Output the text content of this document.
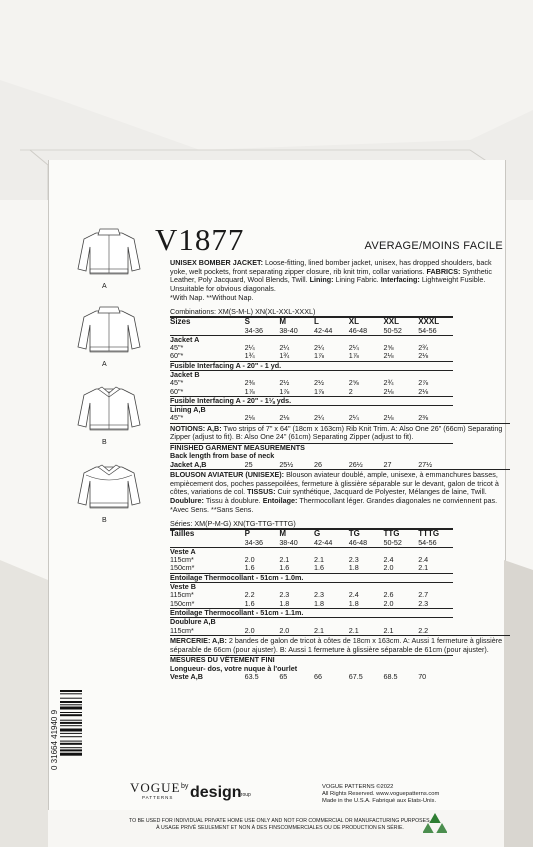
V1877	AVERAGE/MOINS FACILE
A
A
B
B

UNISEX BOMBER JACKET: Loose-fitting, lined bomber jacket, unisex, has dropped shoulders, back yoke, welt pockets, front separating zipper closure, rib knit trim, collar variations. FABRICS: Synthetic Leather, Poly Jacquard, Wool Blends, Twill. Lining: Lining Fabric. Interfacing: Lightweight Fusible. Unsuitable for obvious diagonals.
*With Nap. **Without Nap.

Combinations: XM(S-M-L) XN(XL-XXL-XXXL)
Sizes	S	M	L	XL	XXL	XXXL
	34-36	38-40	42-44	46-48	50-52	54-56
Jacket A						
45"*	2¼	2¼	2¼	2¼	2⅝	2¾
60"*	1¾	1¾	1⅞	1⅞	2⅛	2⅛
Fusible Interfacing A - 20" - 1 yd.						
Jacket B						
45"*	2⅜	2½	2½	2⅝	2¾	2⅞
60"*	1⅞	1⅞	1⅞	2	2⅛	2⅛
Fusible Interfacing A - 20" - 1⅛ yds.						
Lining A,B						
45"*	2⅛	2⅛	2¼	2¼	2⅛	2⅜

NOTIONS: A,B: Two strips of 7" x 64" (18cm x 163cm) Rib Knit Trim. A: Also One 26" (66cm) Separating Zipper (adjust to fit). B: Also One 24" (61cm) Separating Zipper (adjust to fit).

FINISHED GARMENT MEASUREMENTS
Back length from base of neck
Jacket A,B	25	25½	26	26½	27	27½

BLOUSON AVIATEUR (UNISEXE): Blouson aviateur doublé, ample, unisexe, à emmanchures basses, empiècement dos, poches passepoilées, fermeture à glissière séparable sur le devant, galon de tricot à côtes, variations de col. TISSUS: Cuir synthétique, Jacquard de Polyester, Mélanges de laine, Twill. Doublure: Tissu à doublure. Entoilage: Thermocollant léger. Grandes diagonales ne conviennent pas.
*Avec Sens. **Sans Sens.

Séries: XM(P-M-G) XN(TG-TTG-TTTG)
Tailles	P	M	G	TG	TTG	TTTG
	34-36	38-40	42-44	46-48	50-52	54-56
Veste A						
115cm*	2.0	2.1	2.1	2.3	2.4	2.4
150cm*	1.6	1.6	1.6	1.8	2.0	2.1
Entoilage Thermocollant - 51cm - 1.0m.						
Veste B						
115cm*	2.2	2.3	2.3	2.4	2.6	2.7
150cm*	1.6	1.8	1.8	1.8	2.0	2.3
Entoilage Thermocollant - 51cm - 1.1m.						
Doublure A,B						
115cm*	2.0	2.0	2.1	2.1	2.1	2.2

MERCERIE: A,B: 2 bandes de galon de tricot à côtes de 18cm x 163cm. A: Aussi 1 fermeture à glissière séparable de 66cm (pour ajuster). B: Aussi 1 fermeture à glissière séparable de 61cm (pour ajuster).

MESURES DU VÊTEMENT FINI
Longueur- dos, votre nuque à l'ourlet
Veste A,B	63.5	65	66	67.5	68.5	70
0 31664 41940 9
VOGUE
PATTERNS
by design
group
VOGUE PATTERNS ©2022
All Rights Reserved. www.voguepatterns.com
Made in the U.S.A. Fabriqué aux Etats-Unis.
TO BE USED FOR INDIVIDUAL PRIVATE HOME USE ONLY AND NOT FOR COMMERCIAL OR MANUFACTURING PURPOSES.
À USAGE PRIVÉ SEULEMENT ET NON À DES FINSCOMMERCIALES OU DE PRODUCTION EN SÉRIE.
